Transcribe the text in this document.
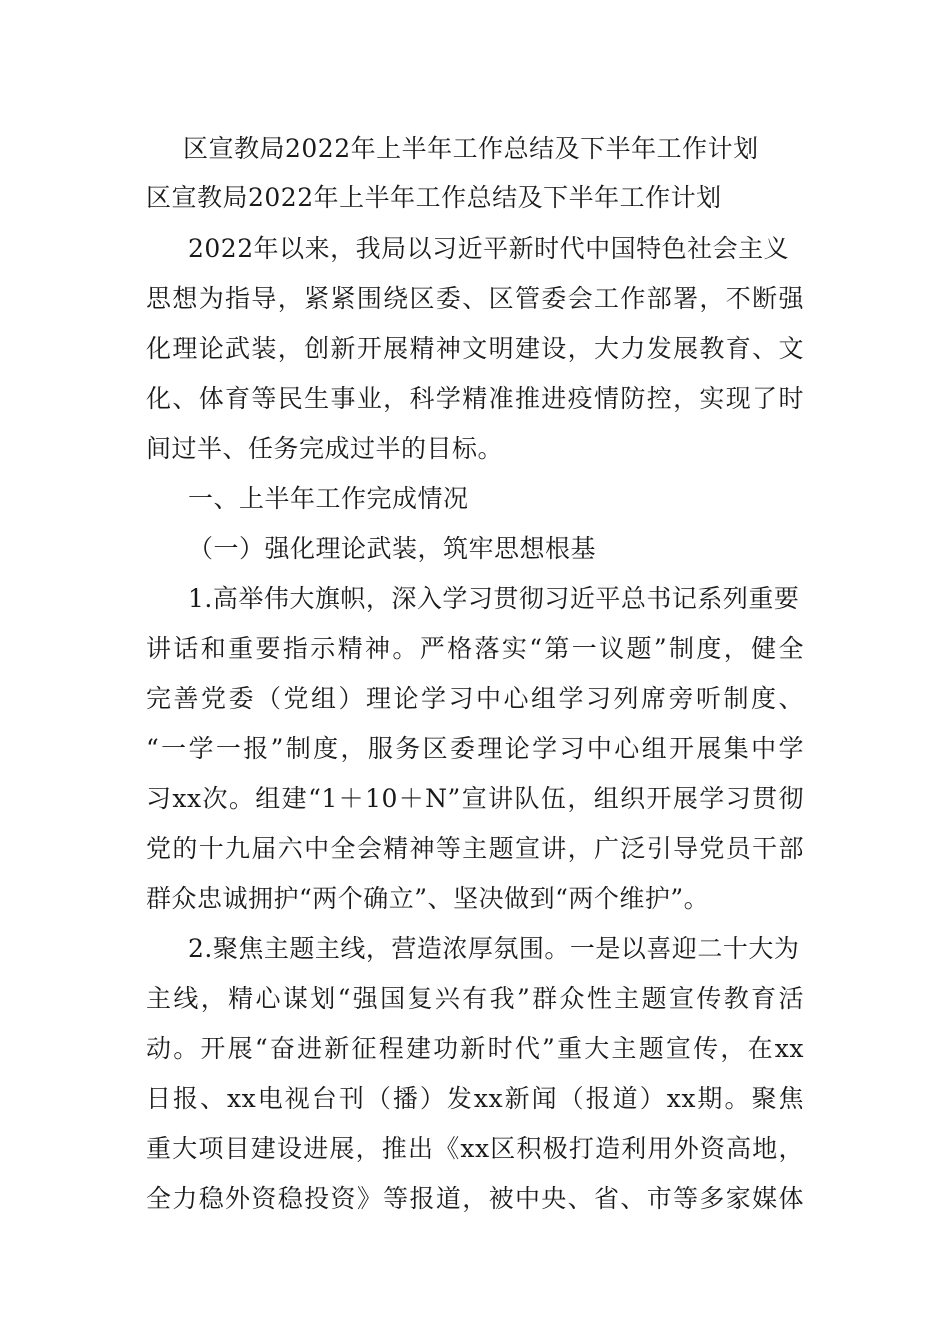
区宣教局2022年上半年工作总结及下半年工作计划
区宣教局2022年上半年工作总结及下半年工作计划
2022年以来，我局以习近平新时代中国特色社会主义
思想为指导，紧紧围绕区委、区管委会工作部署，不断强
化理论武装，创新开展精神文明建设，大力发展教育、文
化、体育等民生事业，科学精准推进疫情防控，实现了时
间过半、任务完成过半的目标。
一、上半年工作完成情况
（一）强化理论武装，筑牢思想根基
1.高举伟大旗帜，深入学习贯彻习近平总书记系列重要
讲话和重要指示精神。严格落实“第一议题”制度，健全
完善党委（党组）理论学习中心组学习列席旁听制度、
“一学一报”制度，服务区委理论学习中心组开展集中学
习xx次。组建“1＋10＋N”宣讲队伍，组织开展学习贯彻
党的十九届六中全会精神等主题宣讲，广泛引导党员干部
群众忠诚拥护“两个确立”、坚决做到“两个维护”。
2.聚焦主题主线，营造浓厚氛围。一是以喜迎二十大为
主线，精心谋划“强国复兴有我”群众性主题宣传教育活
动。开展“奋进新征程建功新时代”重大主题宣传，在xx
日报、xx电视台刊（播）发xx新闻（报道）xx期。聚焦
重大项目建设进展，推出《xx区积极打造利用外资高地，
全力稳外资稳投资》等报道，被中央、省、市等多家媒体
